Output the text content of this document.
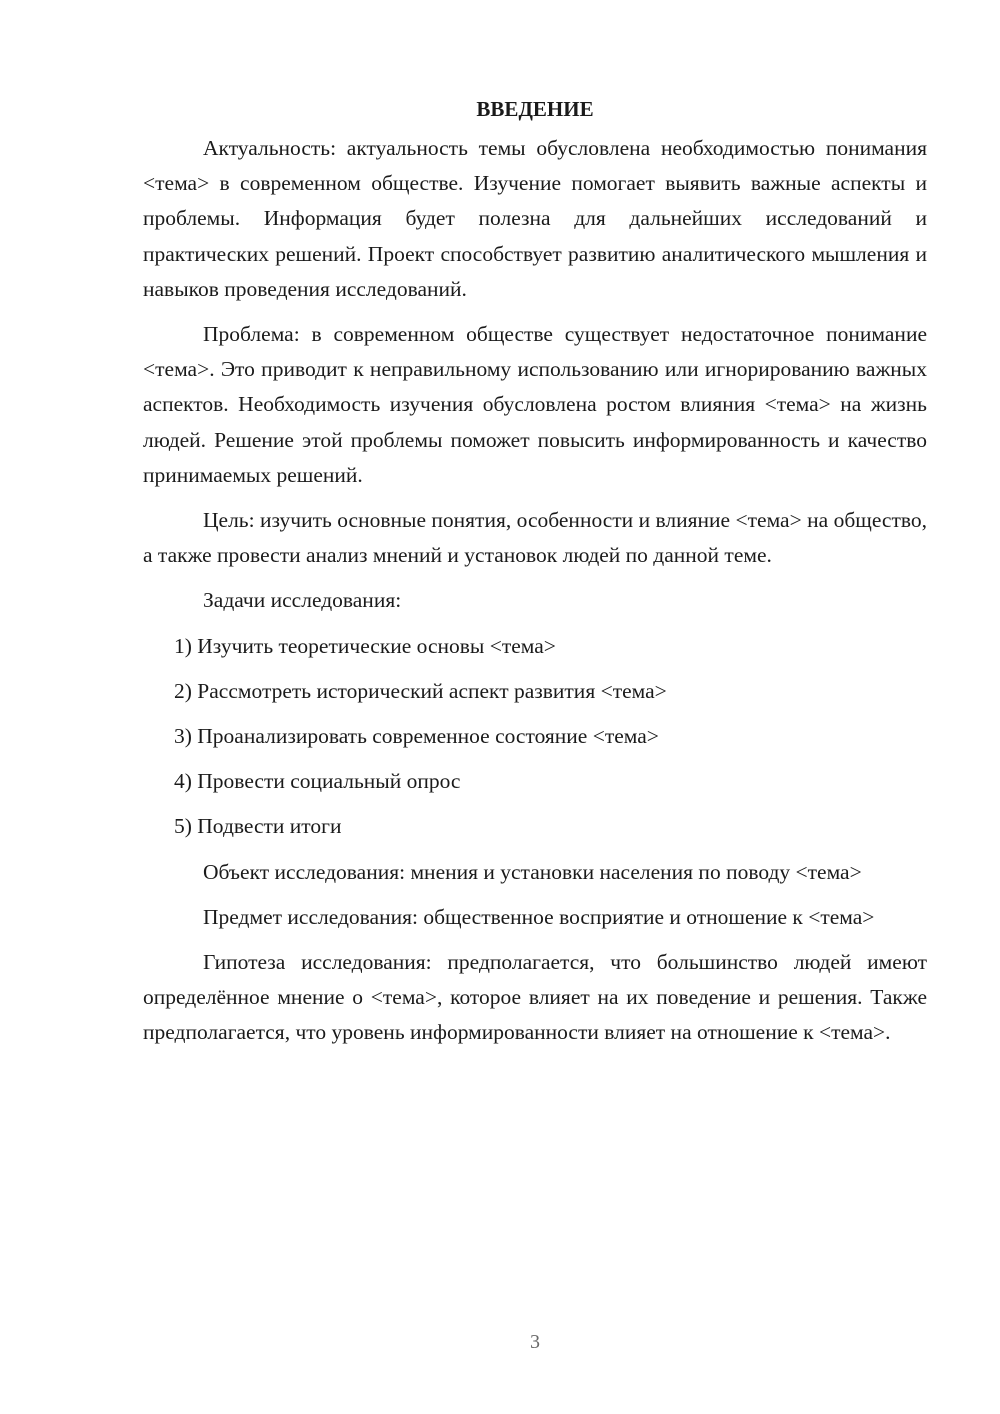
ВВЕДЕНИЕ

Актуальность: актуальность темы обусловлена необходимостью понимания <тема> в современном обществе. Изучение помогает выявить важные аспекты и проблемы. Информация будет полезна для дальнейших исследований и практических решений. Проект способствует развитию аналитического мышления и навыков проведения исследований.

Проблема: в современном обществе существует недостаточное понимание <тема>. Это приводит к неправильному использованию или игнорированию важных аспектов. Необходимость изучения обусловлена ростом влияния <тема> на жизнь людей. Решение этой проблемы поможет повысить информированность и качество принимаемых решений.

Цель: изучить основные понятия, особенности и влияние <тема> на общество, а также провести анализ мнений и установок людей по данной теме.

Задачи исследования:

1) Изучить теоретические основы <тема>
2) Рассмотреть исторический аспект развития <тема>
3) Проанализировать современное состояние <тема>
4) Провести социальный опрос
5) Подвести итоги

Объект исследования: мнения и установки населения по поводу <тема>

Предмет исследования: общественное восприятие и отношение к <тема>

Гипотеза исследования: предполагается, что большинство людей имеют определённое мнение о <тема>, которое влияет на их поведение и решения. Также предполагается, что уровень информированности влияет на отношение к <тема>.

3
